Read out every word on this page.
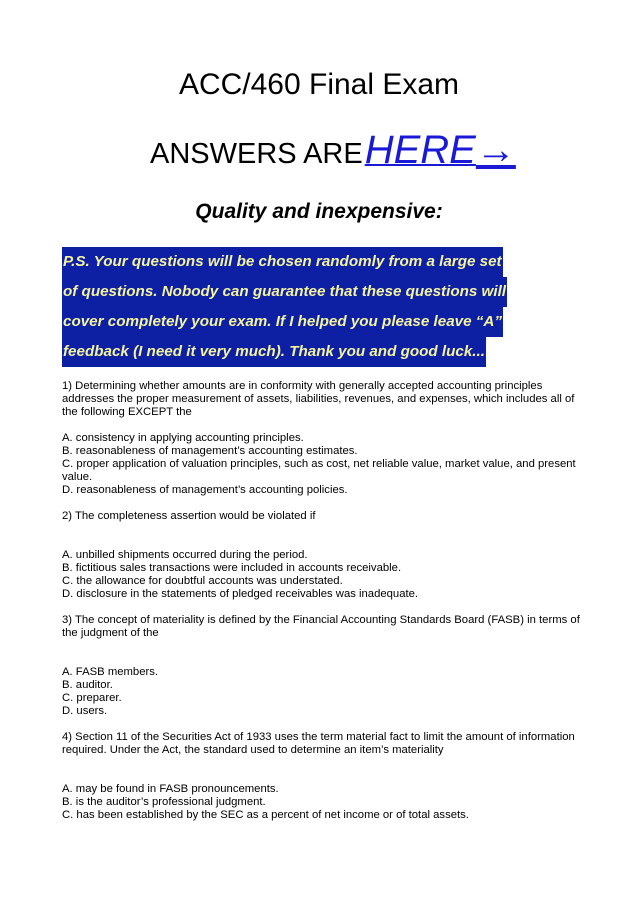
ACC/460 Final Exam
ANSWERS AREHERE→
Quality and inexpensive:
P.S. Your questions will be chosen randomly from a large set
of questions. Nobody can guarantee that these questions will
cover completely your exam. If I helped you please leave “A”
feedback (I need it very much). Thank you and good luck...

1) Determining whether amounts are in conformity with generally accepted accounting principles addresses the proper measurement of assets, liabilities, revenues, and expenses, which includes all of the following EXCEPT the

A. consistency in applying accounting principles.
B. reasonableness of management’s accounting estimates.
C. proper application of valuation principles, such as cost, net reliable value, market value, and present value.
D. reasonableness of management’s accounting policies.

2) The completeness assertion would be violated if

A. unbilled shipments occurred during the period.
B. fictitious sales transactions were included in accounts receivable.
C. the allowance for doubtful accounts was understated.
D. disclosure in the statements of pledged receivables was inadequate.

3) The concept of materiality is defined by the Financial Accounting Standards Board (FASB) in terms of the judgment of the

A. FASB members.
B. auditor.
C. preparer.
D. users.

4) Section 11 of the Securities Act of 1933 uses the term material fact to limit the amount of information required. Under the Act, the standard used to determine an item’s materiality

A. may be found in FASB pronouncements.
B. is the auditor’s professional judgment.
C. has been established by the SEC as a percent of net income or of total assets.
